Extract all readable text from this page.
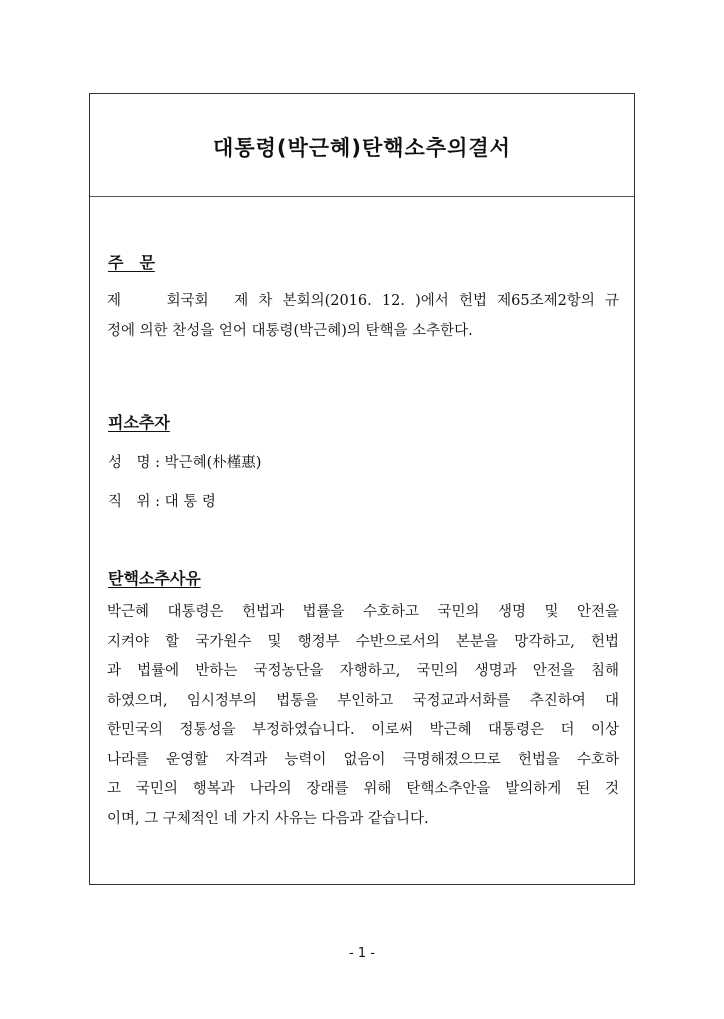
대통령(박근혜)탄핵소추의결서
주　문

제　　회국회　제 차 본회의(2016. 12. )에서 헌법 제65조제2항의 규
정에 의한 찬성을 얻어 대통령(박근혜)의 탄핵을 소추한다.

피소추자

성　명 : 박근혜(朴槿惠)

직　위 : 대 통 령

탄핵소추사유

박근혜 대통령은 헌법과 법률을 수호하고 국민의 생명 및 안전을
지켜야 할 국가원수 및 행정부 수반으로서의 본분을 망각하고, 헌법
과 법률에 반하는 국정농단을 자행하고, 국민의 생명과 안전을 침해
하였으며, 임시정부의 법통을 부인하고 국정교과서화를 추진하여 대
한민국의 정통성을 부정하였습니다. 이로써 박근혜 대통령은 더 이상
나라를 운영할 자격과 능력이 없음이 극명해졌으므로 헌법을 수호하
고 국민의 행복과 나라의 장래를 위해 탄핵소추안을 발의하게 된 것
이며, 그 구체적인 네 가지 사유는 다음과 같습니다.

- 1 -
